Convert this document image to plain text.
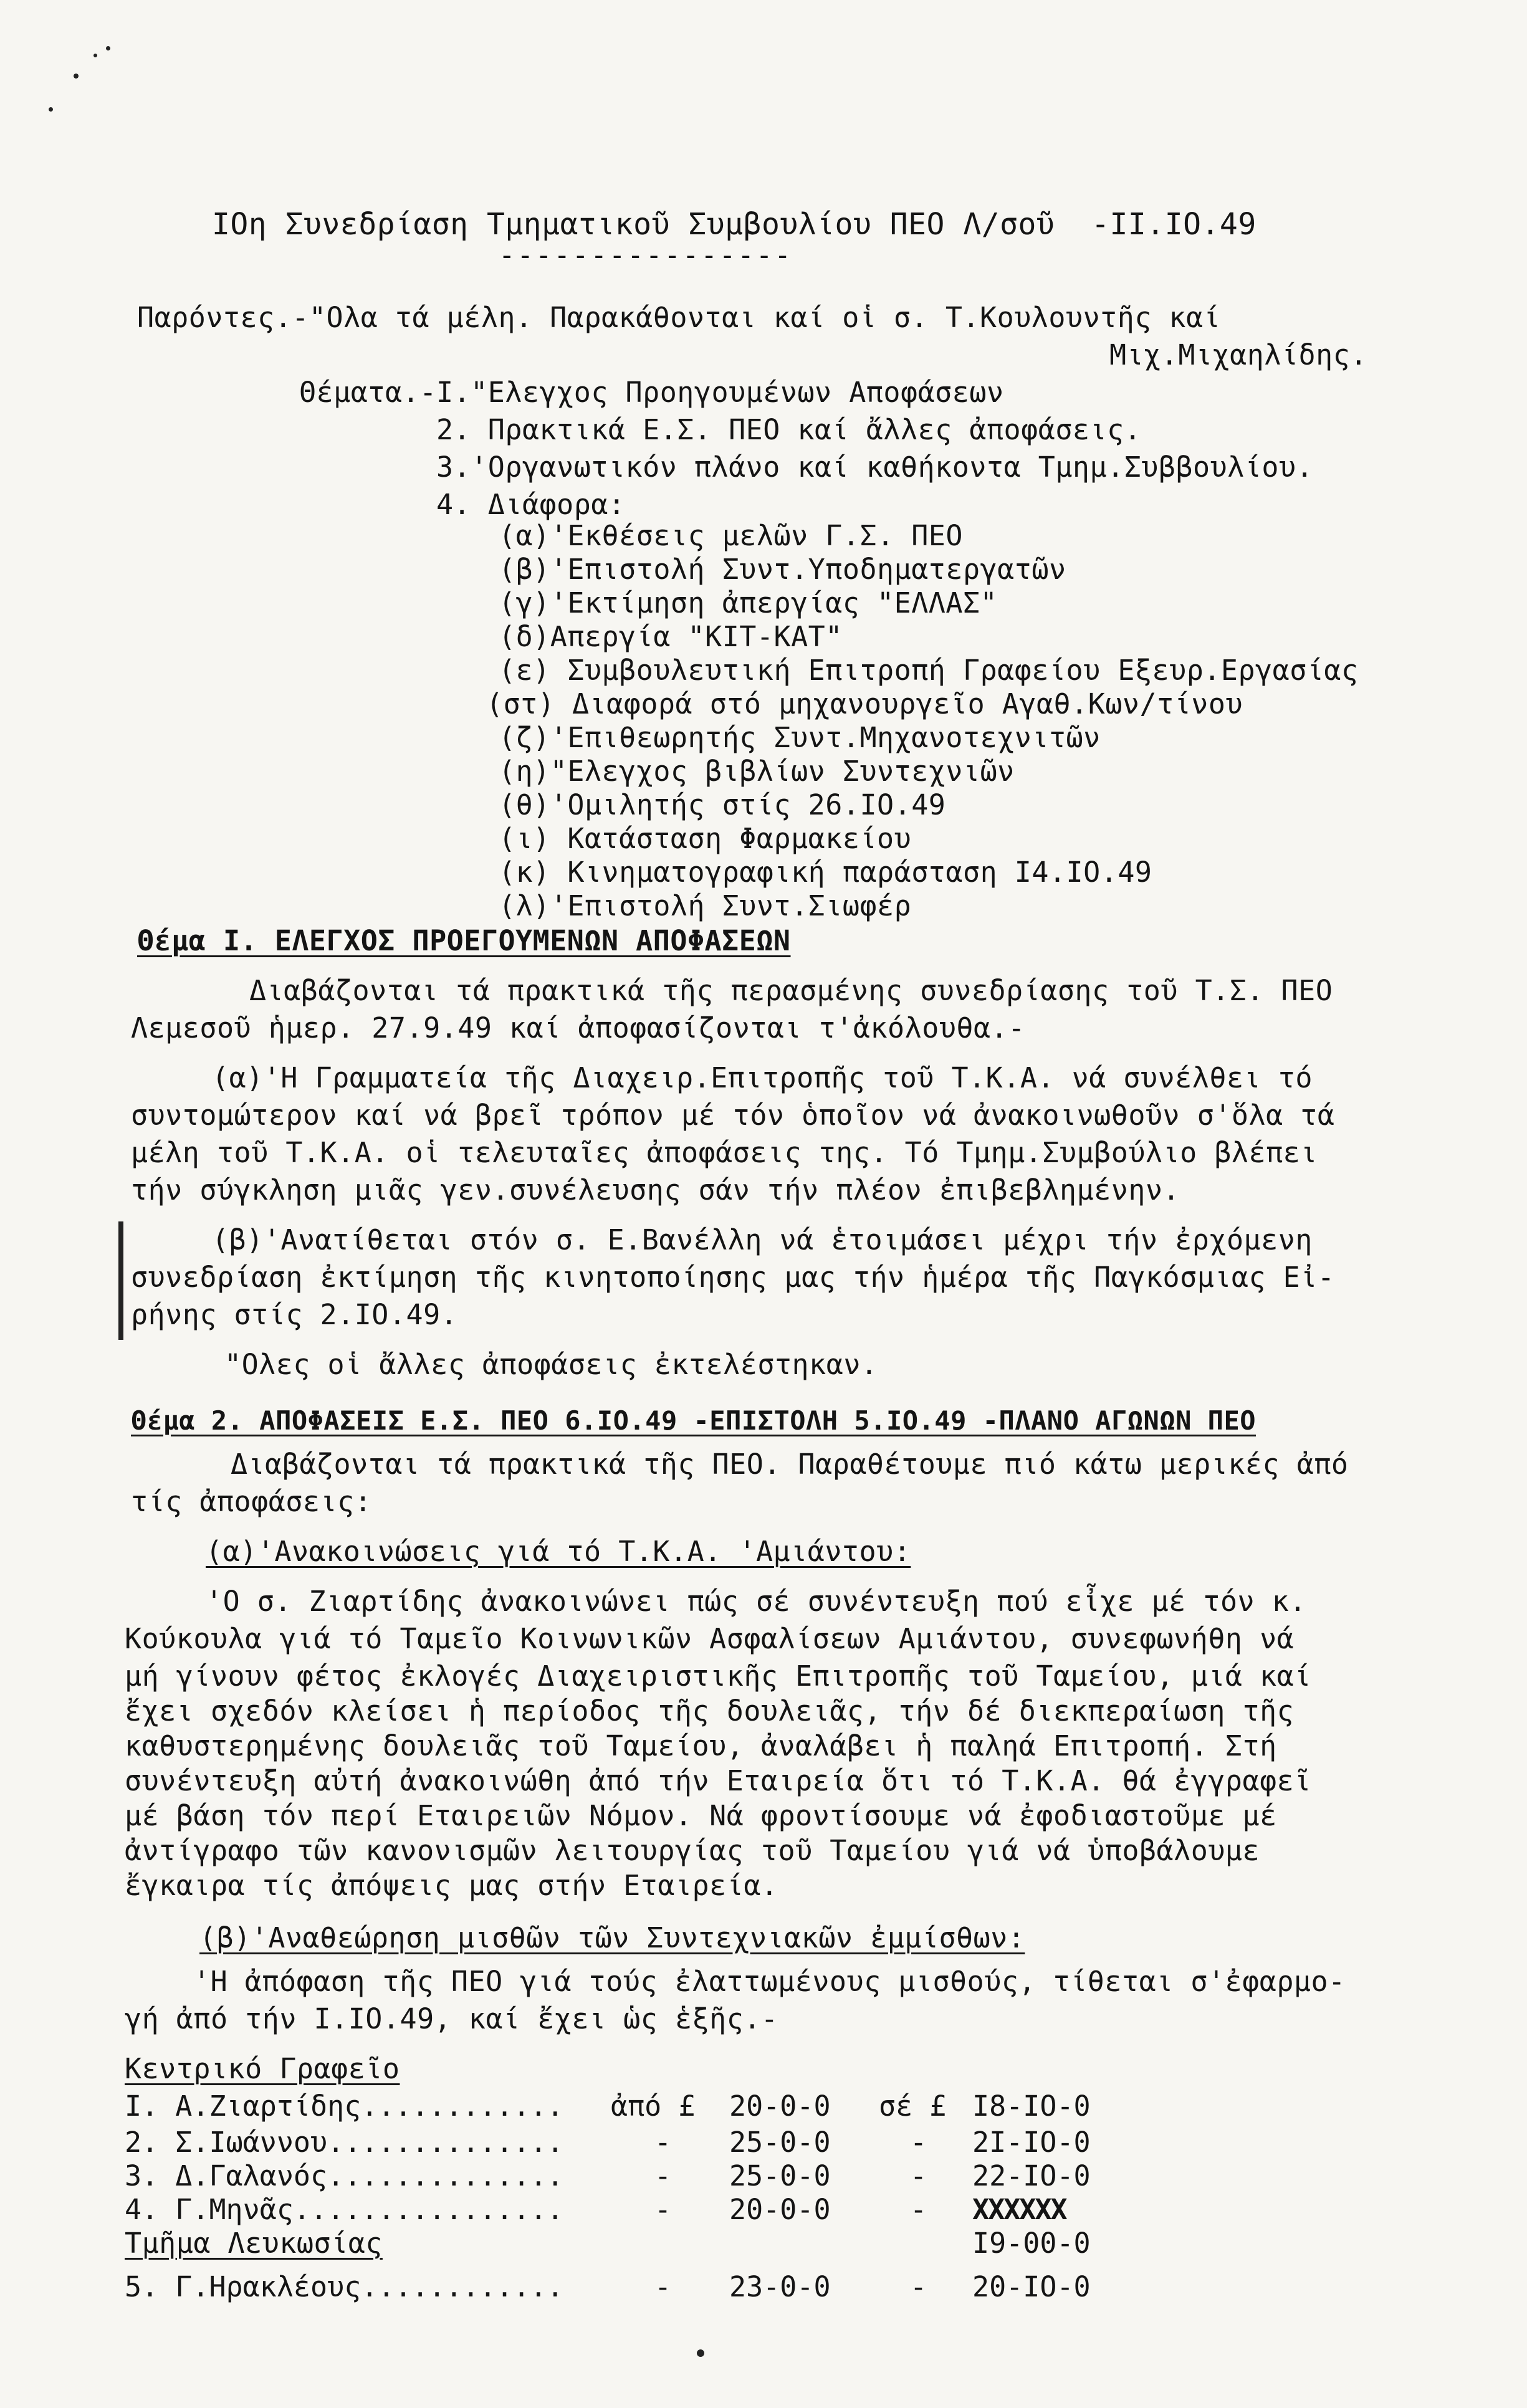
IOη Συνεδρίαση Τμηματικοῦ Συμβουλίου ΠΕΟ Λ/σοῦ  -II.IO.49
----------------
Παρόντες.-"Ολα τά μέλη. Παρακάθονται καί οἱ σ. Τ.Κουλουντῆς καί
Μιχ.Μιχαηλίδης.
Θέματα.- I."Ελεγχος Προηγουμένων Αποφάσεων
2. Πρακτικά Ε.Σ. ΠΕΟ καί ἄλλες ἀποφάσεις.
3.'Οργανωτικόν πλάνο καί καθήκοντα Τμημ.Συββουλίου.
4. Διάφορα:
(α)'Εκθέσεις μελῶν Γ.Σ. ΠΕΟ
(β)'Επιστολή Συντ.Υποδηματεργατῶν
(γ)'Εκτίμηση ἀπεργίας "ΕΛΛΑΣ"
(δ)Απεργία "ΚΙΤ-ΚΑΤ"
(ε) Συμβουλευτική Επιτροπή Γραφείου Εξευρ.Εργασίας
(στ) Διαφορά στό μηχανουργεῖο Αγαθ.Κων/τίνου
(ζ)'Επιθεωρητής Συντ.Μηχανοτεχνιτῶν
(η)"Ελεγχος βιβλίων Συντεχνιῶν
(θ)'Ομιλητής στίς 26.IO.49
(ι) Κατάσταση Φαρμακείου
(κ) Κινηματογραφική παράσταση I4.IO.49
(λ)'Επιστολή Συντ.Σιωφέρ
Θέμα I. ΕΛΕΓΧΟΣ ΠΡΟΕΓΟΥΜΕΝΩΝ ΑΠΟΦΑΣΕΩΝ
Διαβάζονται τά πρακτικά τῆς περασμένης συνεδρίασης τοῦ Τ.Σ. ΠΕΟ
Λεμεσοῦ ἡμερ. 27.9.49 καί ἀποφασίζονται τ'ἀκόλουθα.-
(α)'Η Γραμματεία τῆς Διαχειρ.Επιτροπῆς τοῦ Τ.Κ.Α. νά συνέλθει τό
συντομώτερον καί νά βρεῖ τρόπον μέ τόν ὁποῖον νά ἀνακοινωθοῦν σ'ὅλα τά
μέλη τοῦ Τ.Κ.Α. οἱ τελευταῖες ἀποφάσεις της. Τό Τμημ.Συμβούλιο βλέπει
τήν σύγκληση μιᾶς γεν.συνέλευσης σάν τήν πλέον ἐπιβεβλημένην.
(β)'Ανατίθεται στόν σ. Ε.Βανέλλη νά ἑτοιμάσει μέχρι τήν ἐρχόμενη
συνεδρίαση ἐκτίμηση τῆς κινητοποίησης μας τήν ἡμέρα τῆς Παγκόσμιας Εἰ-
ρήνης στίς 2.IO.49.
"Ολες οἱ ἄλλες ἀποφάσεις ἐκτελέστηκαν.
Θέμα 2. ΑΠΟΦΑΣΕΙΣ Ε.Σ. ΠΕΟ 6.IO.49 -ΕΠΙΣΤΟΛΗ 5.IO.49 -ΠΛΑΝΟ ΑΓΩΝΩΝ ΠΕΟ
Διαβάζονται τά πρακτικά τῆς ΠΕΟ. Παραθέτουμε πιό κάτω μερικές ἀπό
τίς ἀποφάσεις:
(α)'Ανακοινώσεις γιά τό Τ.Κ.Α. 'Αμιάντου:
'Ο σ. Ζιαρτίδης ἀνακοινώνει πώς σέ συνέντευξη πού εἶχε μέ τόν κ.
Κούκουλα γιά τό Ταμεῖο Κοινωνικῶν Ασφαλίσεων Αμιάντου, συνεφωνήθη νά
μή γίνουν φέτος ἐκλογές Διαχειριστικῆς Επιτροπῆς τοῦ Ταμείου, μιά καί
ἔχει σχεδόν κλείσει ἡ περίοδος τῆς δουλειᾶς, τήν δέ διεκπεραίωση τῆς
καθυστερημένης δουλειᾶς τοῦ Ταμείου, ἀναλάβει ἡ παληά Επιτροπή. Στή
συνέντευξη αὐτή ἀνακοινώθη ἀπό τήν Εταιρεία ὅτι τό Τ.Κ.Α. θά ἐγγραφεῖ
μέ βάση τόν περί Εταιρειῶν Νόμον. Νά φροντίσουμε νά ἐφοδιαστοῦμε μέ
ἀντίγραφο τῶν κανονισμῶν λειτουργίας τοῦ Ταμείου γιά νά ὑποβάλουμε
ἔγκαιρα τίς ἀπόψεις μας στήν Εταιρεία.
(β)'Αναθεώρηση μισθῶν τῶν Συντεχνιακῶν ἐμμίσθων:
'Η ἀπόφαση τῆς ΠΕΟ γιά τούς ἐλαττωμένους μισθούς, τίθεται σ'ἐφαρμο-
γή ἀπό τήν I.IO.49, καί ἔχει ὡς ἑξῆς.-
Κεντρικό Γραφεῖο
I. Α.Ζιαρτίδης............ ἀπό £ 20-0-0 σέ £ I8-IO-0
2. Σ.Ιωάννου..............	- 25-0-0	- 2I-IO-0
3. Δ.Γαλανός..............	- 25-0-0	- 22-IO-0
4. Γ.Μηνᾶς................	- 20-0-0	- XXXXXX
Τμῆμα Λευκωσίας	I9-00-0
5. Γ.Ηρακλέους............	- 23-0-0	- 20-IO-0
